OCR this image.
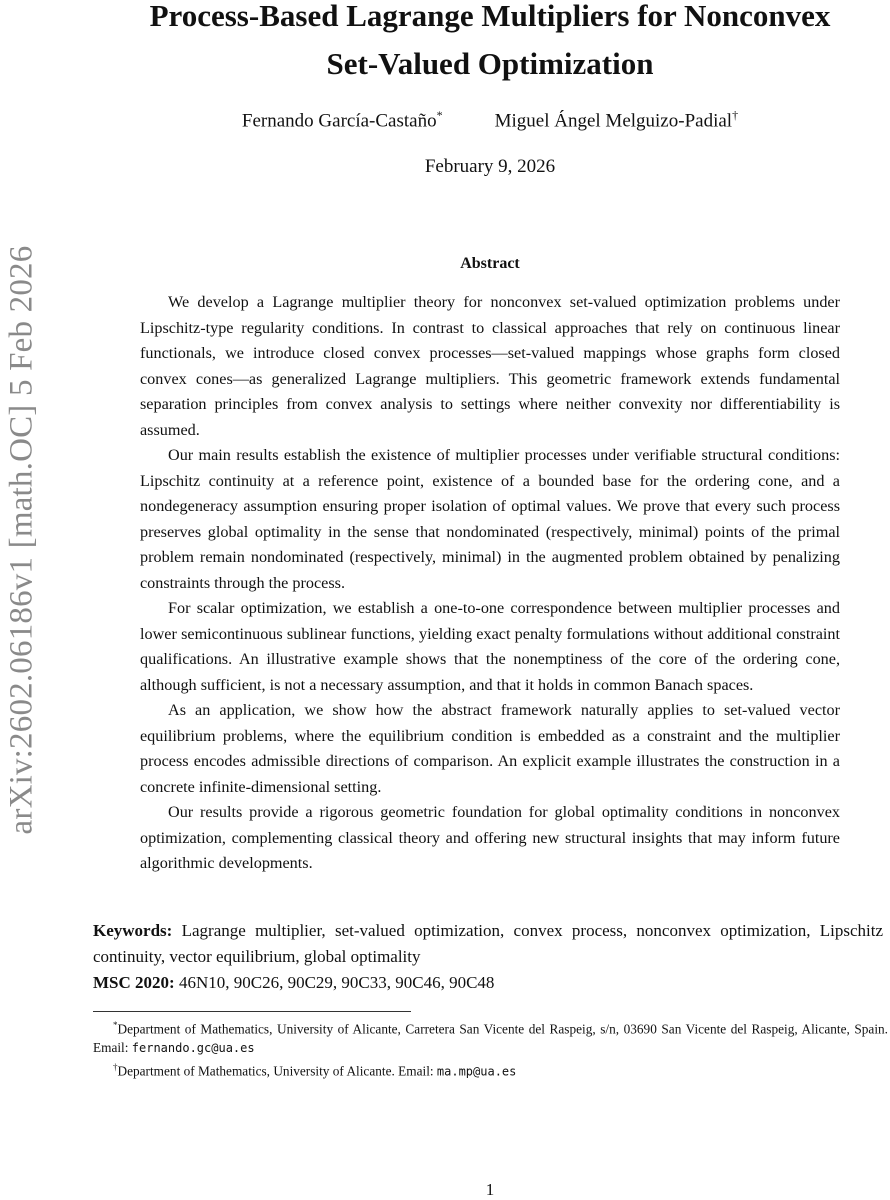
arXiv:2602.06186v1 [math.OC] 5 Feb 2026
Process-Based Lagrange Multipliers for Nonconvex
Set-Valued Optimization
Fernando García-Castaño*	Miguel Ángel Melguizo-Padial†
February 9, 2026
Abstract

We develop a Lagrange multiplier theory for nonconvex set-valued optimization problems under Lipschitz-type regularity conditions. In contrast to classical approaches that rely on continuous linear functionals, we introduce closed convex processes—set-valued mappings whose graphs form closed convex cones—as generalized Lagrange multipliers. This geometric framework extends fundamental separation principles from convex analysis to settings where neither convexity nor differentiability is assumed.

Our main results establish the existence of multiplier processes under verifiable structural conditions: Lipschitz continuity at a reference point, existence of a bounded base for the ordering cone, and a nondegeneracy assumption ensuring proper isolation of optimal values. We prove that every such process preserves global optimality in the sense that nondominated (respectively, minimal) points of the primal problem remain nondominated (respectively, minimal) in the augmented problem obtained by penalizing constraints through the process.

For scalar optimization, we establish a one-to-one correspondence between multiplier processes and lower semicontinuous sublinear functions, yielding exact penalty formulations without additional constraint qualifications. An illustrative example shows that the nonemptiness of the core of the ordering cone, although sufficient, is not a necessary assumption, and that it holds in common Banach spaces.

As an application, we show how the abstract framework naturally applies to set-valued vector equilibrium problems, where the equilibrium condition is embedded as a constraint and the multiplier process encodes admissible directions of comparison. An explicit example illustrates the construction in a concrete infinite-dimensional setting.

Our results provide a rigorous geometric foundation for global optimality conditions in nonconvex optimization, complementing classical theory and offering new structural insights that may inform future algorithmic developments.

Keywords: Lagrange multiplier, set-valued optimization, convex process, nonconvex optimization, Lipschitz continuity, vector equilibrium, global optimality

MSC 2020: 46N10, 90C26, 90C29, 90C33, 90C46, 90C48

*Department of Mathematics, University of Alicante, Carretera San Vicente del Raspeig, s/n, 03690 San Vicente del Raspeig, Alicante, Spain. Email: fernando.gc@ua.es

†Department of Mathematics, University of Alicante. Email: ma.mp@ua.es

1
